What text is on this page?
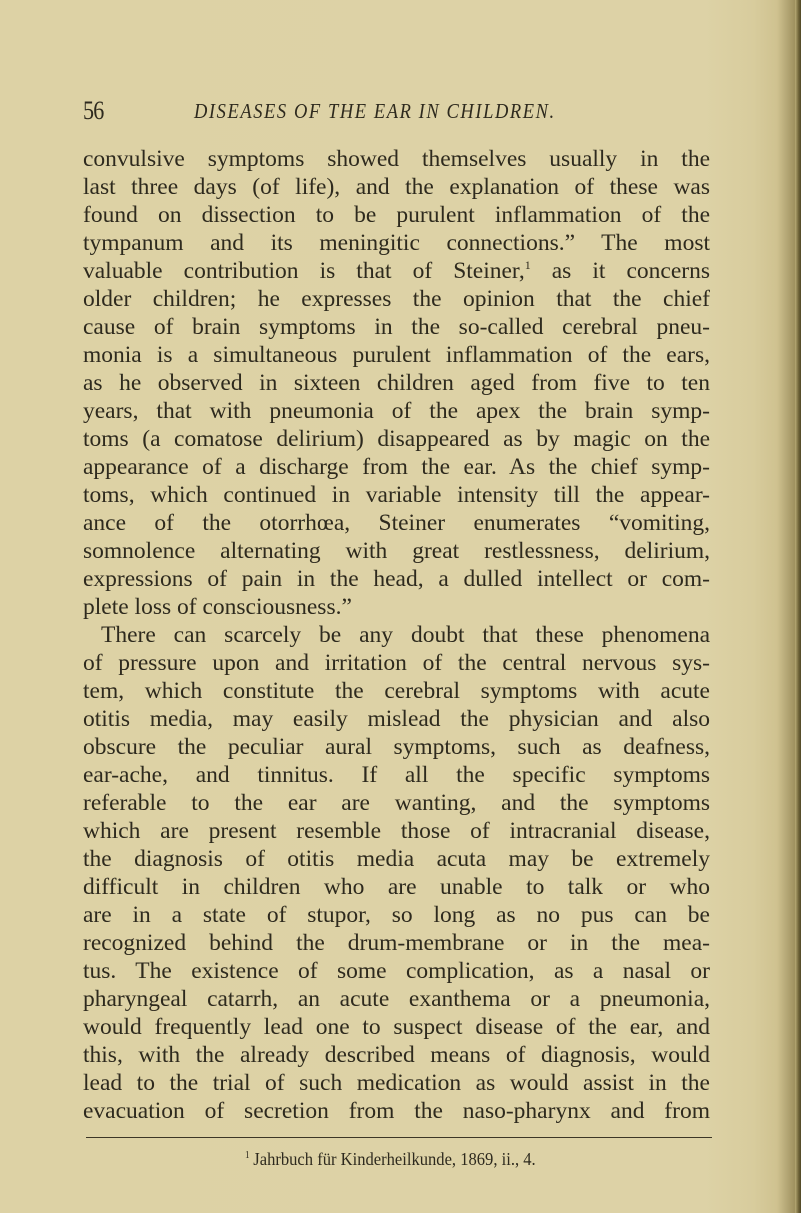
56	DISEASES OF THE EAR IN CHILDREN.
convulsive symptoms showed themselves usually in the
last three days (of life), and the explanation of these was
found on dissection to be purulent inflammation of the
tympanum and its meningitic connections.” The most
valuable contribution is that of Steiner,$^1$ as it concerns
older children; he expresses the opinion that the chief
cause of brain symptoms in the so-called cerebral pneu-
monia is a simultaneous purulent inflammation of the ears,
as he observed in sixteen children aged from five to ten
years, that with pneumonia of the apex the brain symp-
toms (a comatose delirium) disappeared as by magic on the
appearance of a discharge from the ear. As the chief symp-
toms, which continued in variable intensity till the appear-
ance of the otorrhœa, Steiner enumerates “vomiting,
somnolence alternating with great restlessness, delirium,
expressions of pain in the head, a dulled intellect or com-
plete loss of consciousness.”
There can scarcely be any doubt that these phenomena
of pressure upon and irritation of the central nervous sys-
tem, which constitute the cerebral symptoms with acute
otitis media, may easily mislead the physician and also
obscure the peculiar aural symptoms, such as deafness,
ear-ache, and tinnitus. If all the specific symptoms
referable to the ear are wanting, and the symptoms
which are present resemble those of intracranial disease,
the diagnosis of otitis media acuta may be extremely
difficult in children who are unable to talk or who
are in a state of stupor, so long as no pus can be
recognized behind the drum-membrane or in the mea-
tus. The existence of some complication, as a nasal or
pharyngeal catarrh, an acute exanthema or a pneumonia,
would frequently lead one to suspect disease of the ear, and
this, with the already described means of diagnosis, would
lead to the trial of such medication as would assist in the
evacuation of secretion from the naso-pharynx and from
$^1$ Jahrbuch für Kinderheilkunde, 1869, ii., 4.
